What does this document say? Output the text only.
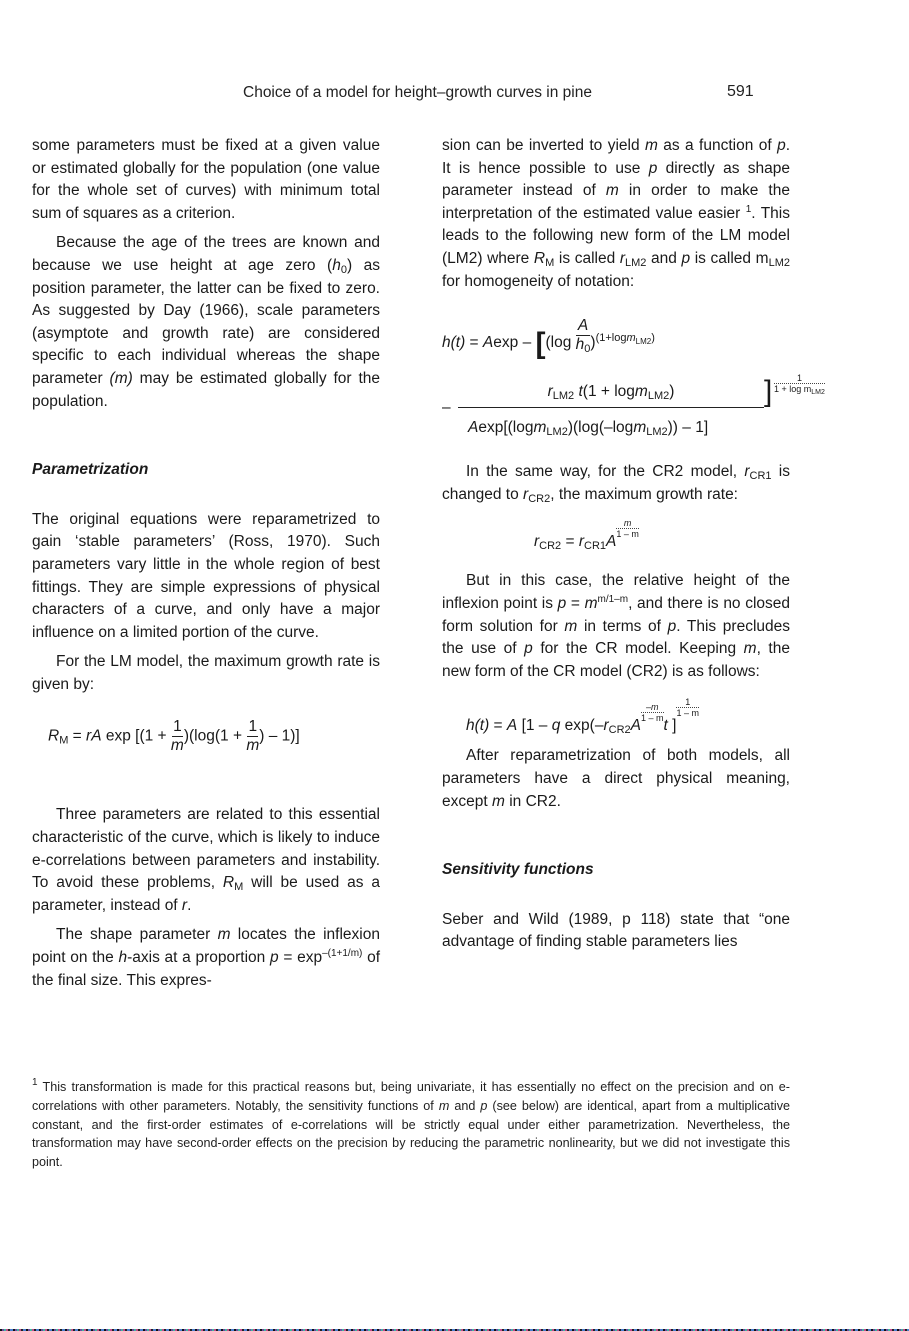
Choice of a model for height–growth curves in pine	591

some parameters must be fixed at a given value or estimated globally for the population (one value for the whole set of curves) with minimum total sum of squares as a criterion.

Because the age of the trees are known and because we use height at age zero $(h_0)$ as position parameter, the latter can be fixed to zero. As suggested by Day (1966), scale parameters (asymptote and growth rate) are considered specific to each individual whereas the shape parameter (m) may be estimated globally for the population.

Parametrization

The original equations were reparametrized to gain ‘stable parameters’ (Ross, 1970). Such parameters vary little in the whole region of best fittings. They are simple expressions of physical characters of a curve, and only have a major influence on a limited portion of the curve.

For the LM model, the maximum growth rate is given by:

$R_M$ = rA $\exp [(1 + \frac{1}{m} )(\log(1 + \frac{1}{m}$ ) – 1)]

Three parameters are related to this essential characteristic of the curve, which is likely to induce e-correlations between parameters and instability. To avoid these problems, $R_M$ will be used as a parameter, instead of r.

The shape parameter m locates the inflexion point on the h-axis at a proportion $p = \exp^{-(1+1/m)}$ of the final size. This expres-

sion can be inverted to yield m as a function of p. It is hence possible to use p directly as shape parameter instead of m in order to make the interpretation of the estimated value easier $^1$. This leads to the following new form of the LM model (LM2) where $R_M$ is called $r_{LM2}$ and p is called $m_{LM2}$ for homogeneity of notation:

$h(t) = Aexp - [(\log \frac{A}{h_0} )^{(1+logm_{LM2})}$
–
$r_{LM2}$ t(1 + logm$_{LM2}$)
Aexp[(logm$_{LM2}$)(log(–logm$_{LM2}$)) – 1]
]	1
$1 + \log m_{LM2}$

In the same way, for the CR2 model, $r_{CR1}$ is changed to $r_{CR2}$, the maximum growth rate:

$r_{CR2} = r_{CR1}A\frac{m}{1 - m}$

But in this case, the relative height of the inflexion point is $p = m^{m/1-m}$, and there is no closed form solution for m in terms of p. This precludes the use of p for the CR model. Keeping m, the new form of the CR model (CR2) is as follows:

h(t) = A [1 – q $\exp(-r_{CR2}A\frac{-m}{1 - m}t$ ]$\frac{1}{1 - m}$

After reparametrization of both models, all parameters have a direct physical meaning, except m in CR2.

Sensitivity functions

Seber and Wild (1989, p 118) state that “one advantage of finding stable parameters lies

$^1$ This transformation is made for this practical reasons but, being univariate, it has essentially no effect on the precision and on e-correlations with other parameters. Notably, the sensitivity functions of m and p (see below) are identical, apart from a multiplicative constant, and the first-order estimates of e-correlations will be strictly equal under either parametrization. Nevertheless, the transformation may have second-order effects on the precision by reducing the parametric nonlinearity, but we did not investigate this point.
